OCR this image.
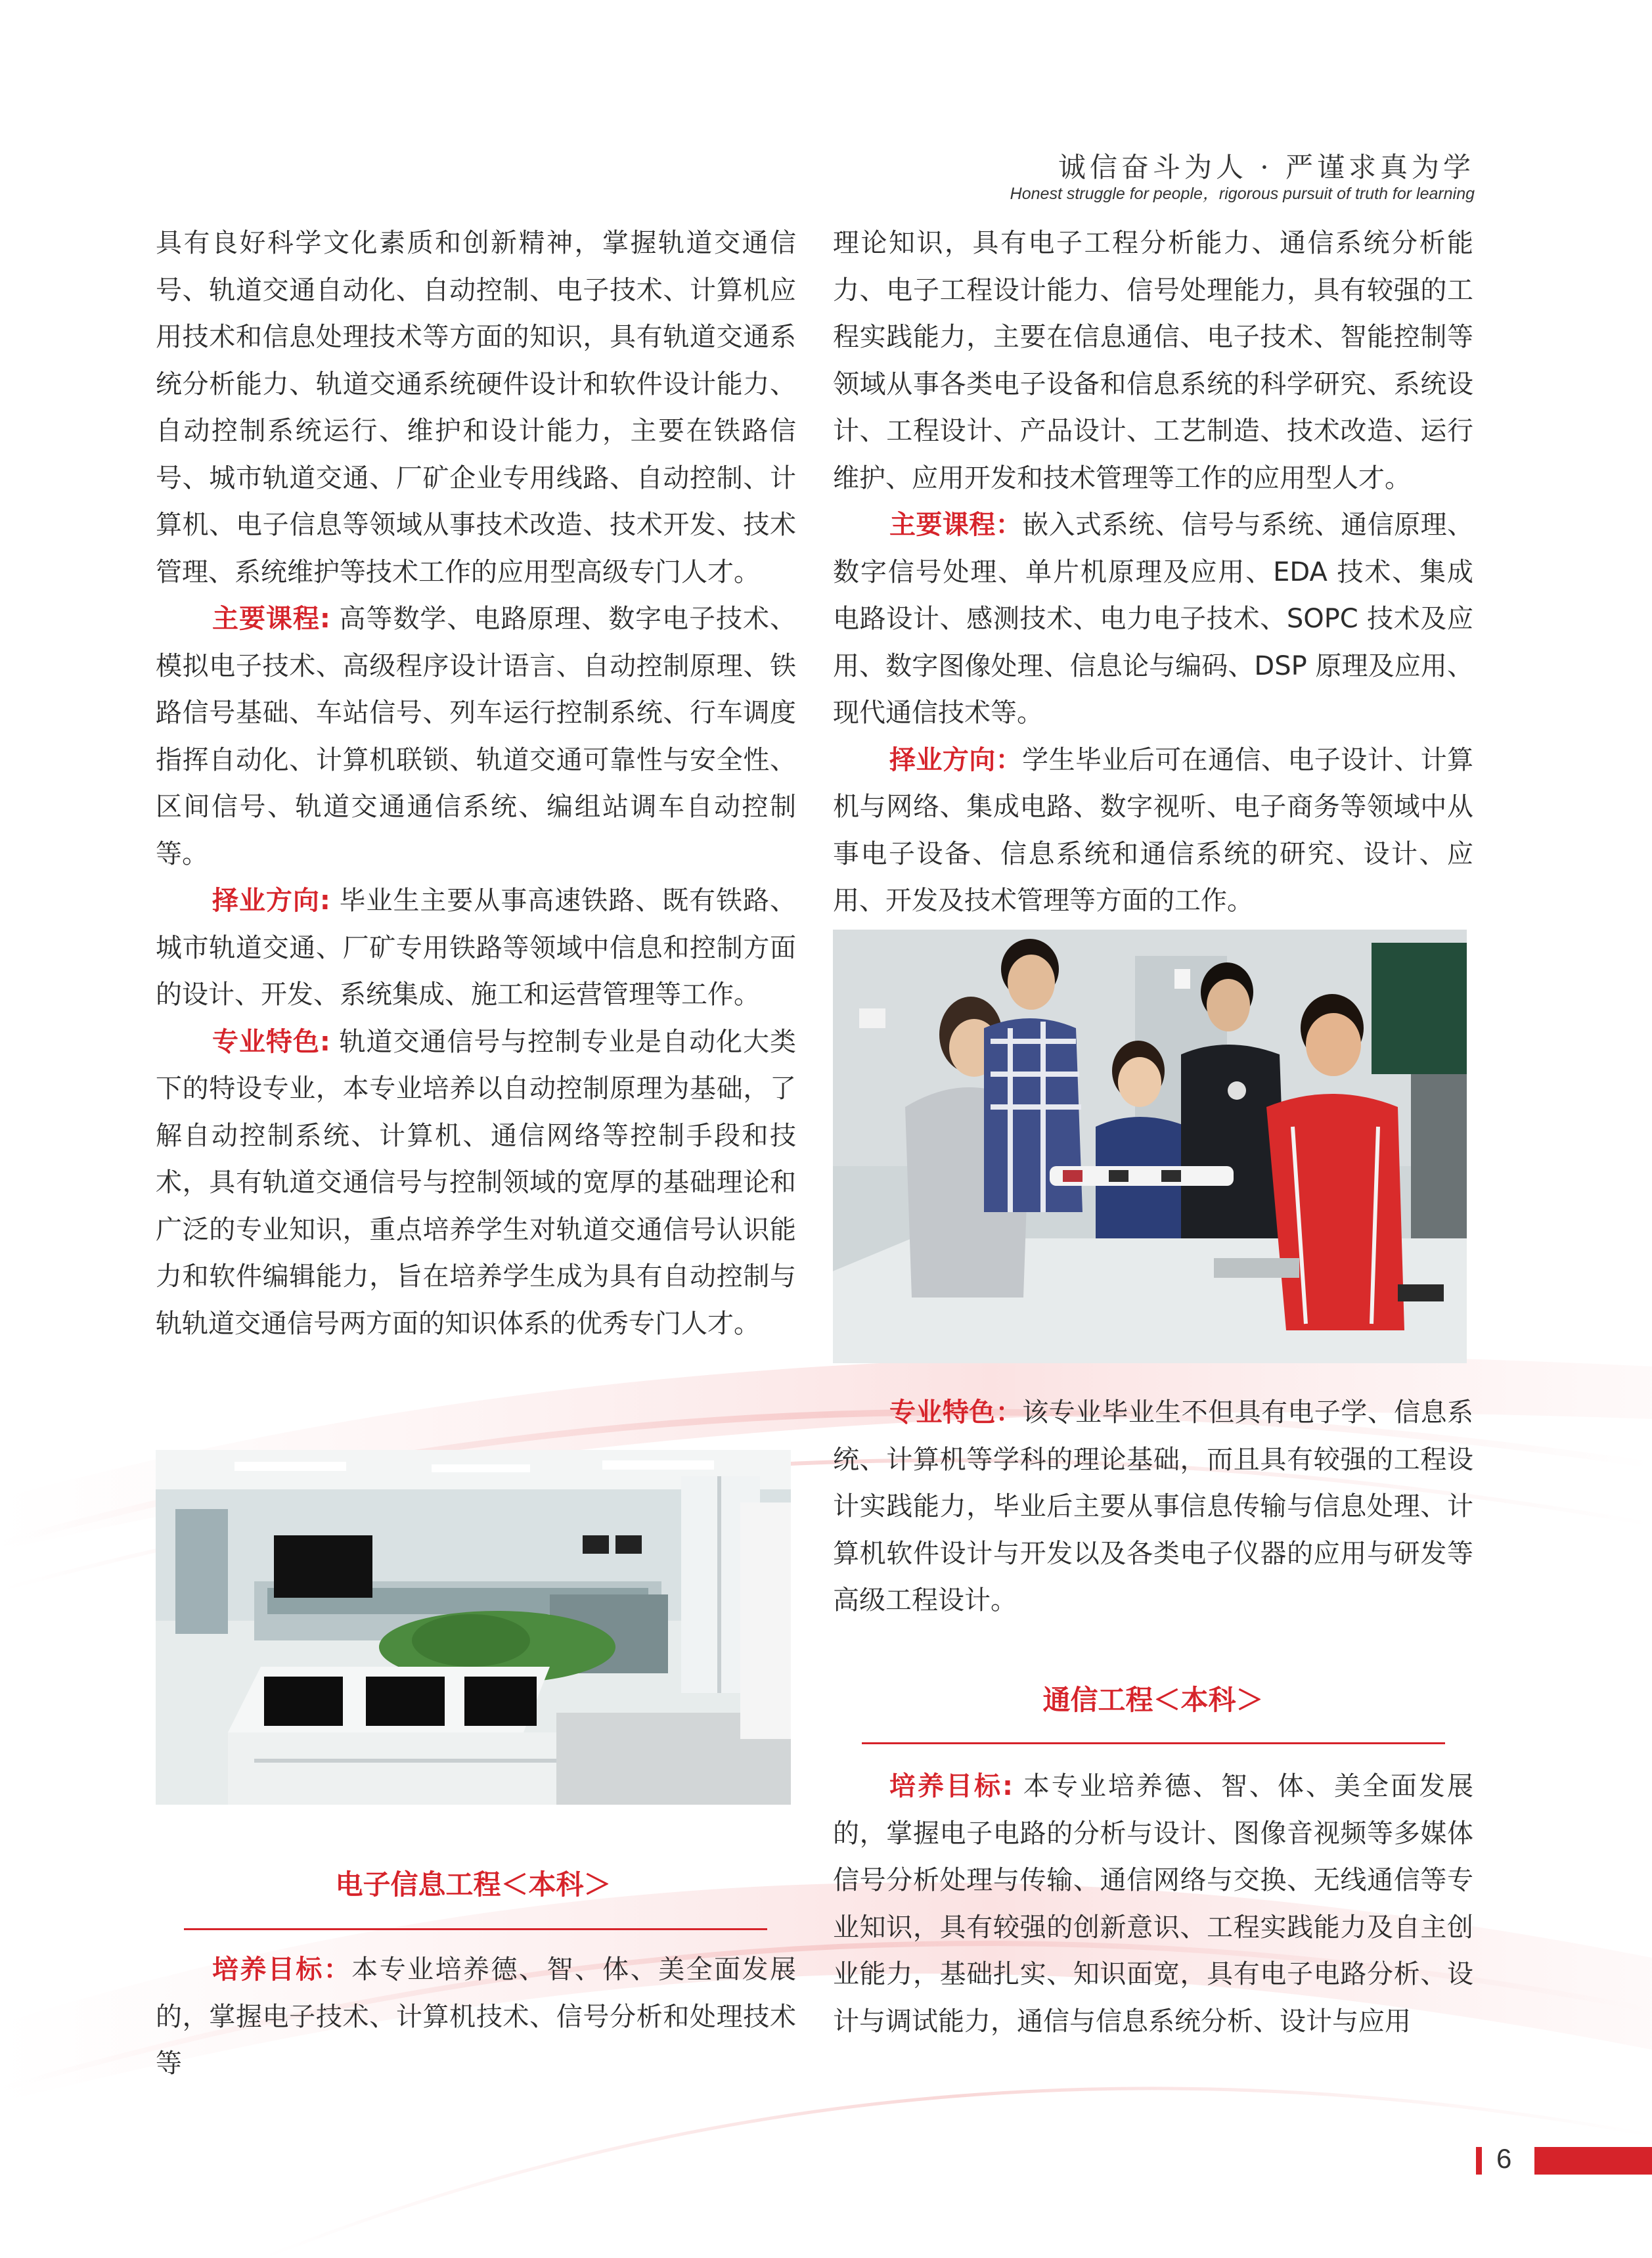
诚信奋斗为人 · 严谨求真为学
Honest struggle for people，rigorous pursuit of truth for learning

具有良好科学文化素质和创新精神，掌握轨道交通信号、轨道交通自动化、自动控制、电子技术、计算机应用技术和信息处理技术等方面的知识，具有轨道交通系统分析能力、轨道交通系统硬件设计和软件设计能力、自动控制系统运行、维护和设计能力，主要在铁路信号、城市轨道交通、厂矿企业专用线路、自动控制、计算机、电子信息等领域从事技术改造、技术开发、技术管理、系统维护等技术工作的应用型高级专门人才。

主要课程: 高等数学、电路原理、数字电子技术、模拟电子技术、高级程序设计语言、自动控制原理、铁路信号基础、车站信号、列车运行控制系统、行车调度指挥自动化、计算机联锁、轨道交通可靠性与安全性、区间信号、轨道交通通信系统、编组站调车自动控制等。

择业方向: 毕业生主要从事高速铁路、既有铁路、城市轨道交通、厂矿专用铁路等领域中信息和控制方面的设计、开发、系统集成、施工和运营管理等工作。

专业特色: 轨道交通信号与控制专业是自动化大类下的特设专业，本专业培养以自动控制原理为基础，了解自动控制系统、计算机、通信网络等控制手段和技术，具有轨道交通信号与控制领域的宽厚的基础理论和广泛的专业知识，重点培养学生对轨道交通信号认识能力和软件编辑能力，旨在培养学生成为具有自动控制与轨轨道交通信号两方面的知识体系的优秀专门人才。

电子信息工程＜本科＞

培养目标：本专业培养德、智、体、美全面发展的，掌握电子技术、计算机技术、信号分析和处理技术等

理论知识，具有电子工程分析能力、通信系统分析能力、电子工程设计能力、信号处理能力，具有较强的工程实践能力，主要在信息通信、电子技术、智能控制等领域从事各类电子设备和信息系统的科学研究、系统设计、工程设计、产品设计、工艺制造、技术改造、运行维护、应用开发和技术管理等工作的应用型人才。

主要课程：嵌入式系统、信号与系统、通信原理、数字信号处理、单片机原理及应用、EDA 技术、集成电路设计、感测技术、电力电子技术、SOPC 技术及应用、数字图像处理、信息论与编码、DSP 原理及应用、现代通信技术等。

择业方向：学生毕业后可在通信、电子设计、计算机与网络、集成电路、数字视听、电子商务等领域中从事电子设备、信息系统和通信系统的研究、设计、应用、开发及技术管理等方面的工作。

专业特色：该专业毕业生不但具有电子学、信息系统、计算机等学科的理论基础，而且具有较强的工程设计实践能力，毕业后主要从事信息传输与信息处理、计算机软件设计与开发以及各类电子仪器的应用与研发等高级工程设计。

通信工程＜本科＞

培养目标: 本专业培养德、智、体、美全面发展的，掌握电子电路的分析与设计、图像音视频等多媒体信号分析处理与传输、通信网络与交换、无线通信等专业知识，具有较强的创新意识、工程实践能力及自主创业能力，基础扎实、知识面宽，具有电子电路分析、设计与调试能力，通信与信息系统分析、设计与应用

6
